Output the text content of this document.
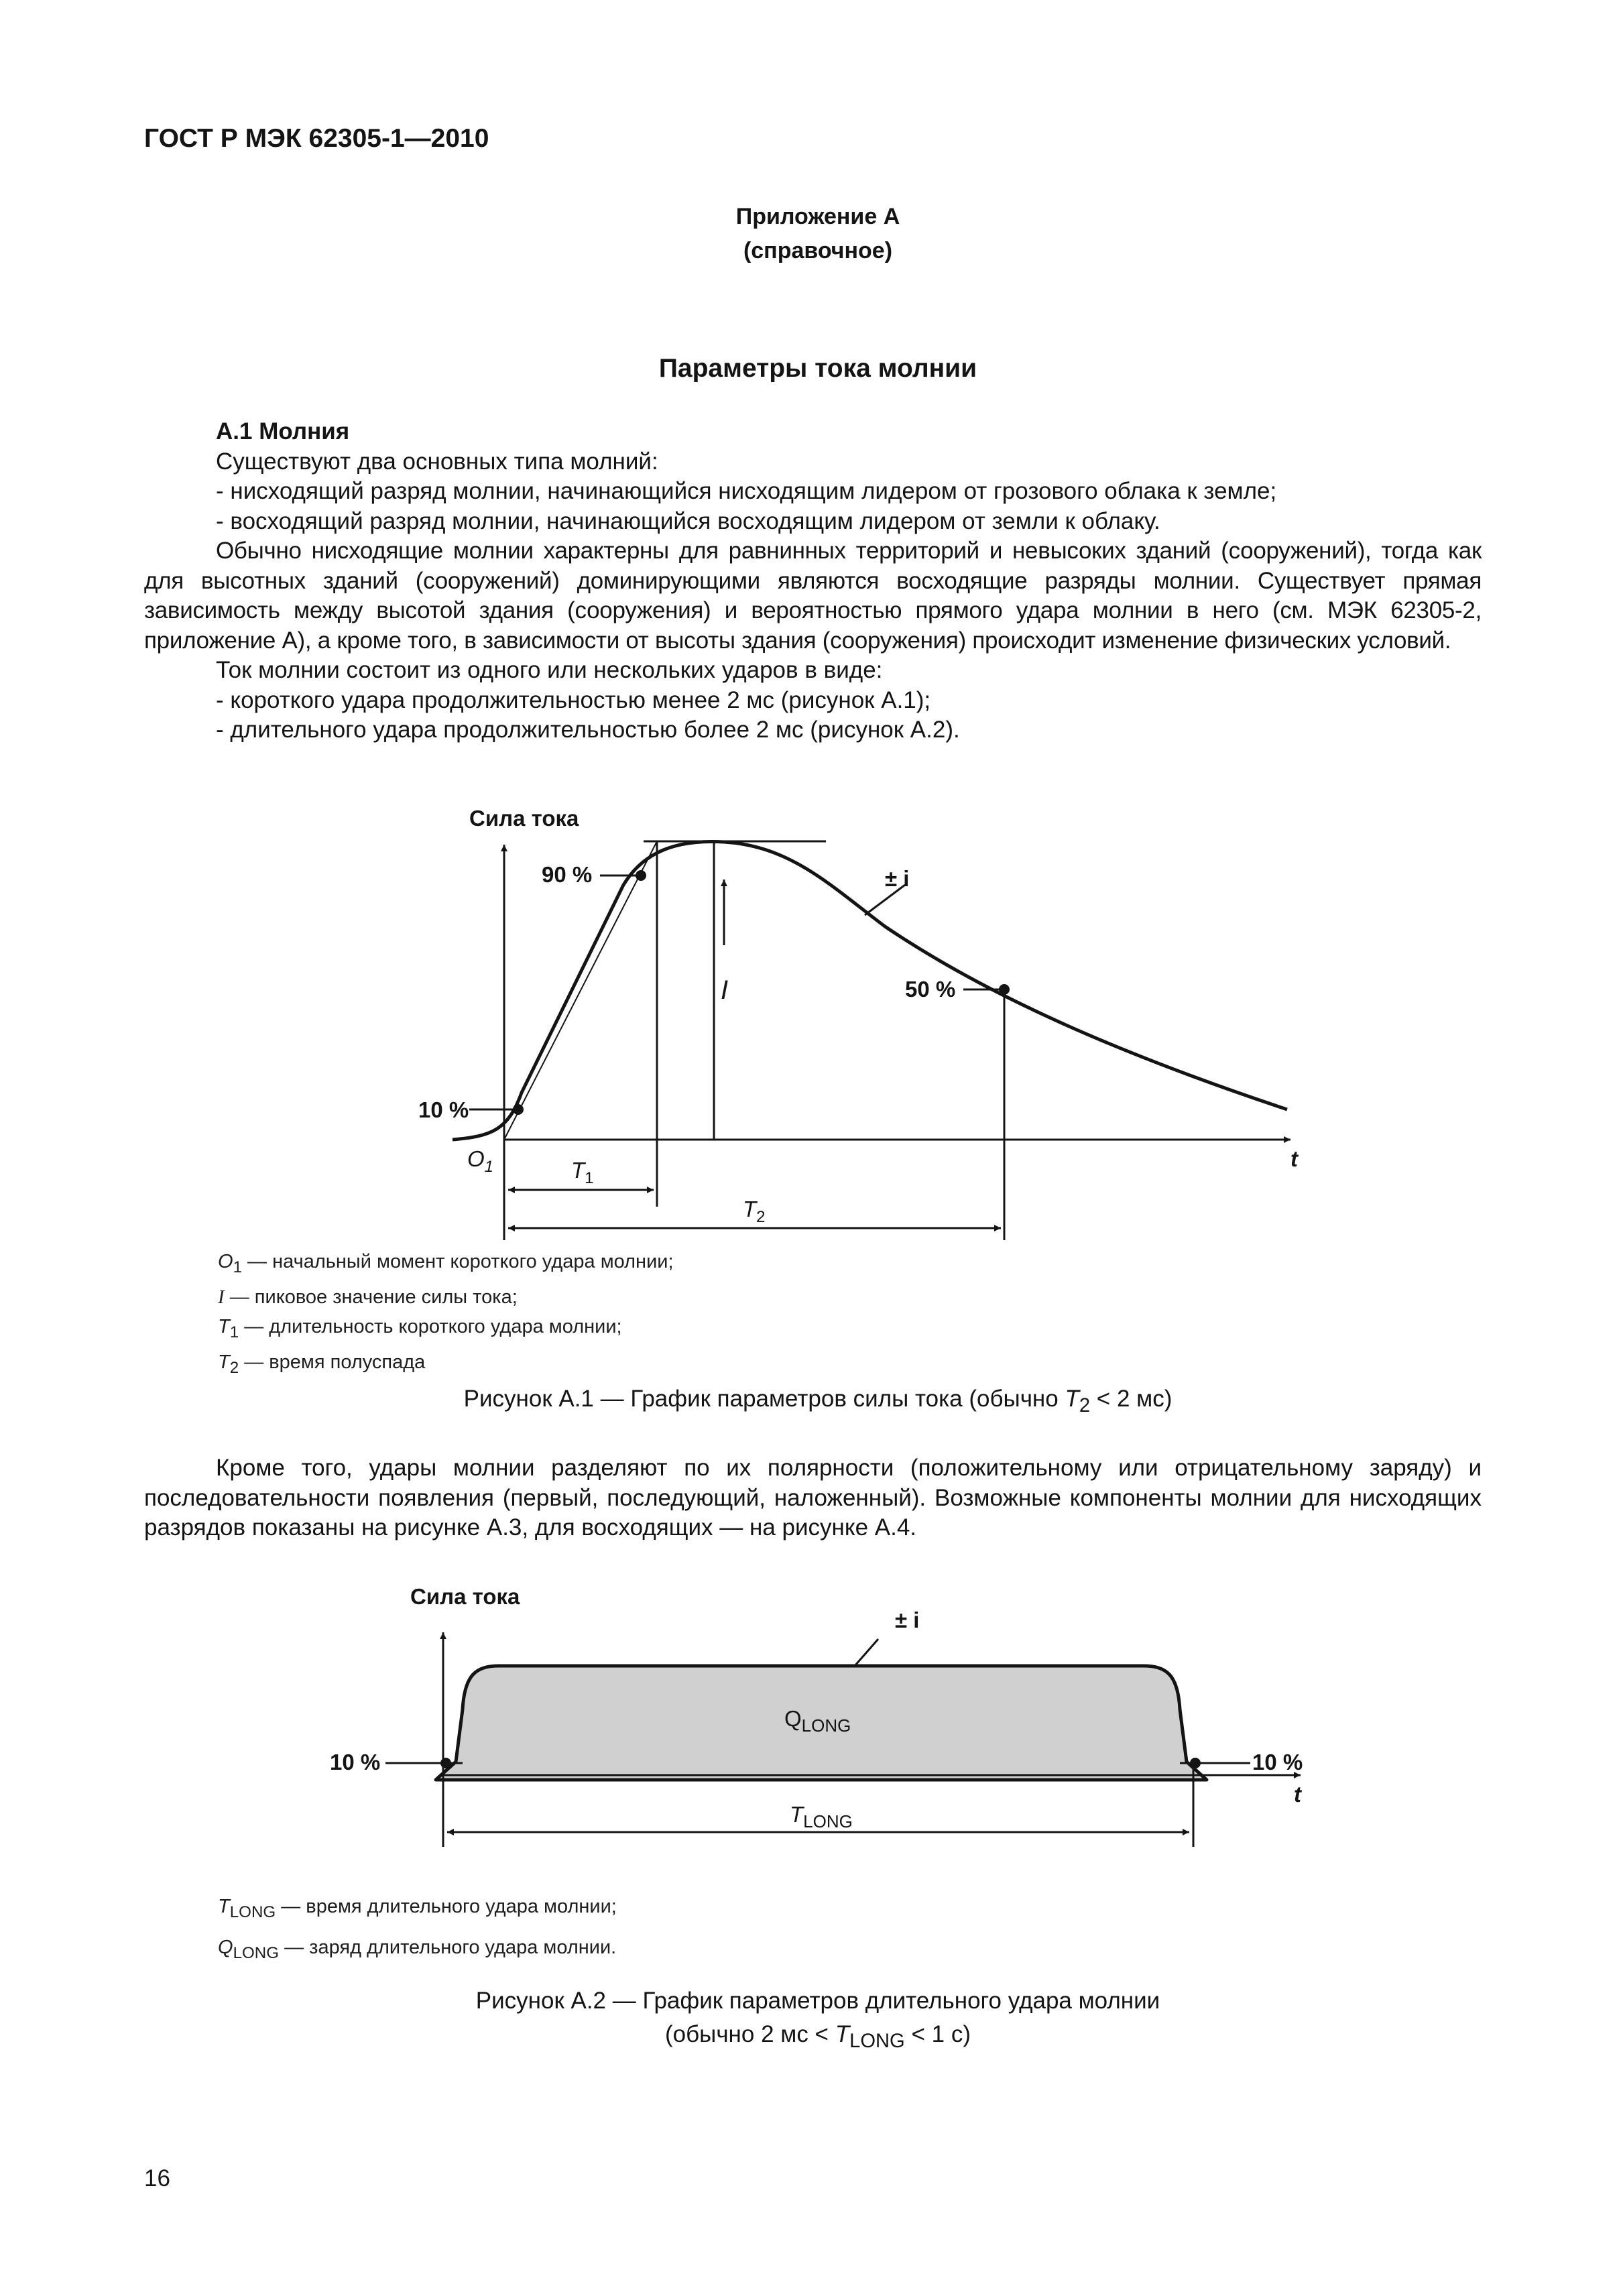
ГОСТ Р МЭК 62305-1—2010
Приложение А
(справочное)
Параметры тока молнии

А.1 Молния

Существуют два основных типа молний:

- нисходящий разряд молнии, начинающийся нисходящим лидером от грозового облака к земле;

- восходящий разряд молнии, начинающийся восходящим лидером от земли к облаку.

Обычно нисходящие молнии характерны для равнинных территорий и невысоких зданий (сооружений), тогда как для высотных зданий (сооружений) доминирующими являются восходящие разряды молнии. Существует прямая зависимость между высотой здания (сооружения) и вероятностью прямого удара молнии в него (см. МЭК 62305-2, приложение А), а кроме того, в зависимости от высоты здания (сооружения) происходит изменение физических условий.

Ток молнии состоит из одного или нескольких ударов в виде:

- короткого удара продолжительностью менее 2 мс (рисунок А.1);

- длительного удара продолжительностью более 2 мс (рисунок А.2).

Сила тока
90 %
50 %
10 %
± i
I
t
$O_1$	$T_1$
$T_2$
Сила тока
± i
$Q_{LONG}$
10 %	10 %
t
$T_{LONG}$
$O_1$ — начальный момент короткого удара молнии;
I — пиковое значение силы тока;
$T_1$ — длительность короткого удара молнии;
$T_2$ — время полуспада
Рисунок А.1 — График параметров силы тока (обычно $T_2 < 2$ мс)

Кроме того, удары молнии разделяют по их полярности (положительному или отрицательному заряду) и последовательности появления (первый, последующий, наложенный). Возможные компоненты молнии для нисходящих разрядов показаны на рисунке А.3, для восходящих — на рисунке А.4.

$T_{LONG}$ — время длительного удара молнии;
$Q_{LONG}$ — заряд длительного удара молнии.
Рисунок А.2 — График параметров длительного удара молнии
(обычно 2 мс < $T_{LONG} < 1$ с)
16
